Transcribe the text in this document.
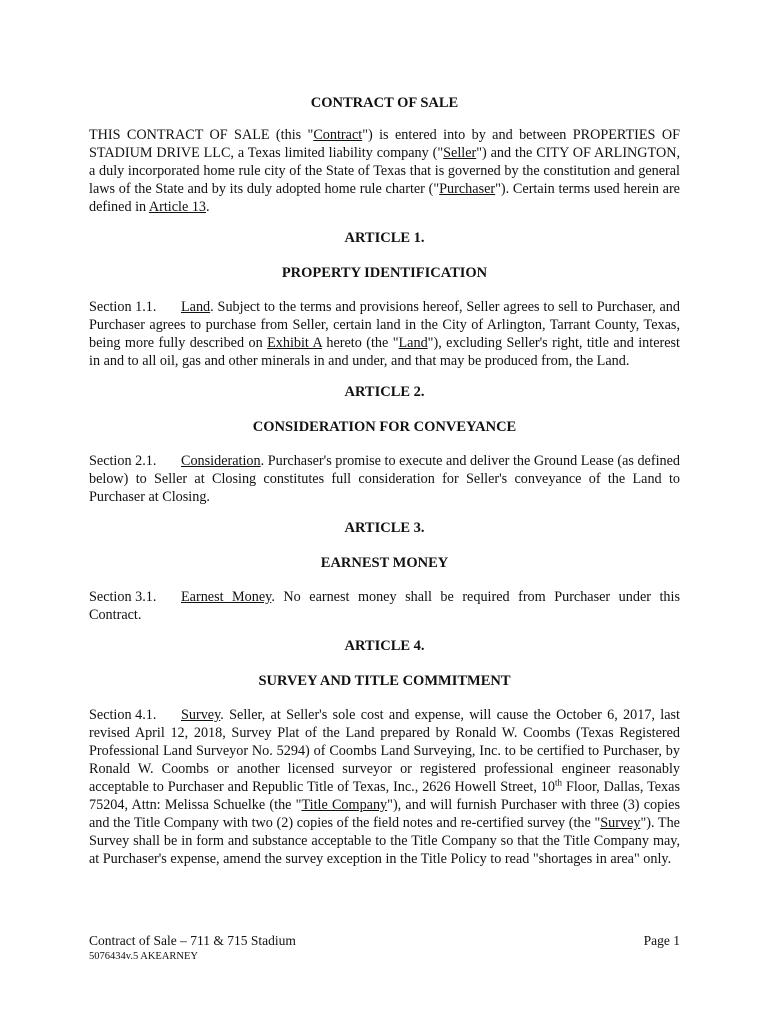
CONTRACT OF SALE

THIS CONTRACT OF SALE (this "Contract") is entered into by and between PROPERTIES OF STADIUM DRIVE LLC, a Texas limited liability company ("Seller") and the CITY OF ARLINGTON, a duly incorporated home rule city of the State of Texas that is governed by the constitution and general laws of the State and by its duly adopted home rule charter ("Purchaser"). Certain terms used herein are defined in Article 13.

ARTICLE 1.
PROPERTY IDENTIFICATION

Section 1.1. Land. Subject to the terms and provisions hereof, Seller agrees to sell to Purchaser, and Purchaser agrees to purchase from Seller, certain land in the City of Arlington, Tarrant County, Texas, being more fully described on Exhibit A hereto (the "Land"), excluding Seller's right, title and interest in and to all oil, gas and other minerals in and under, and that may be produced from, the Land.

ARTICLE 2.
CONSIDERATION FOR CONVEYANCE

Section 2.1. Consideration. Purchaser's promise to execute and deliver the Ground Lease (as defined below) to Seller at Closing constitutes full consideration for Seller's conveyance of the Land to Purchaser at Closing.

ARTICLE 3.
EARNEST MONEY

Section 3.1. Earnest Money. No earnest money shall be required from Purchaser under this Contract.

ARTICLE 4.
SURVEY AND TITLE COMMITMENT

Section 4.1. Survey. Seller, at Seller's sole cost and expense, will cause the October 6, 2017, last revised April 12, 2018, Survey Plat of the Land prepared by Ronald W. Coombs (Texas Registered Professional Land Surveyor No. 5294) of Coombs Land Surveying, Inc. to be certified to Purchaser, by Ronald W. Coombs or another licensed surveyor or registered professional engineer reasonably acceptable to Purchaser and Republic Title of Texas, Inc., 2626 Howell Street, 10th Floor, Dallas, Texas 75204, Attn: Melissa Schuelke (the "Title Company"), and will furnish Purchaser with three (3) copies and the Title Company with two (2) copies of the field notes and re-certified survey (the "Survey"). The Survey shall be in form and substance acceptable to the Title Company so that the Title Company may, at Purchaser's expense, amend the survey exception in the Title Policy to read "shortages in area" only.

Contract of Sale – 711 & 715 Stadium	Page 1
5076434v.5 AKEARNEY
